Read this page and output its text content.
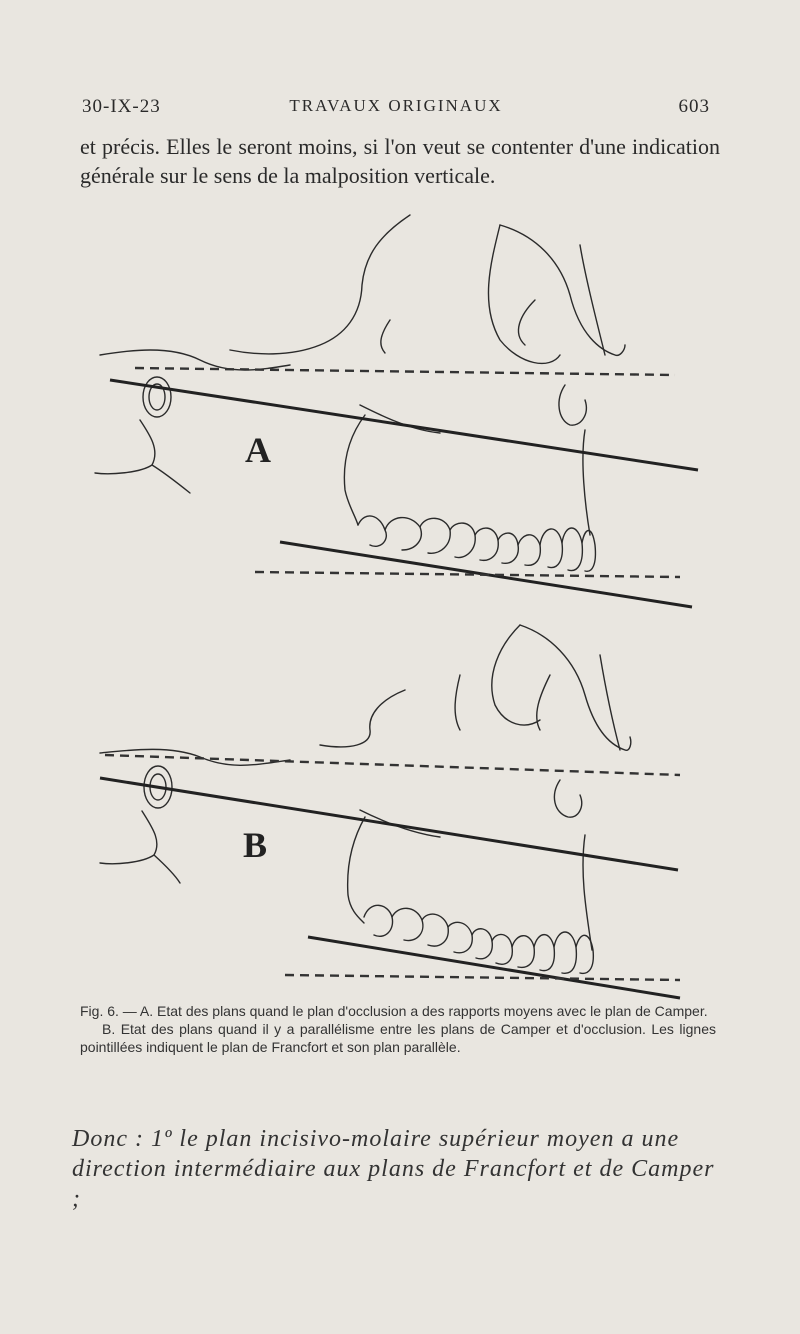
30-IX-23	TRAVAUX ORIGINAUX	603

et précis. Elles le seront moins, si l'on veut se contenter d'une indication générale sur le sens de la malposition verticale.

A
B

Fig. 6. — A. Etat des plans quand le plan d'occlusion a des rapports moyens avec le plan de Camper.

B. Etat des plans quand il y a parallélisme entre les plans de Camper et d'occlusion. Les lignes pointillées indiquent le plan de Francfort et son plan parallèle.

Donc : 1º le plan incisivo-molaire supérieur moyen a une direction intermédiaire aux plans de Francfort et de Camper ;
